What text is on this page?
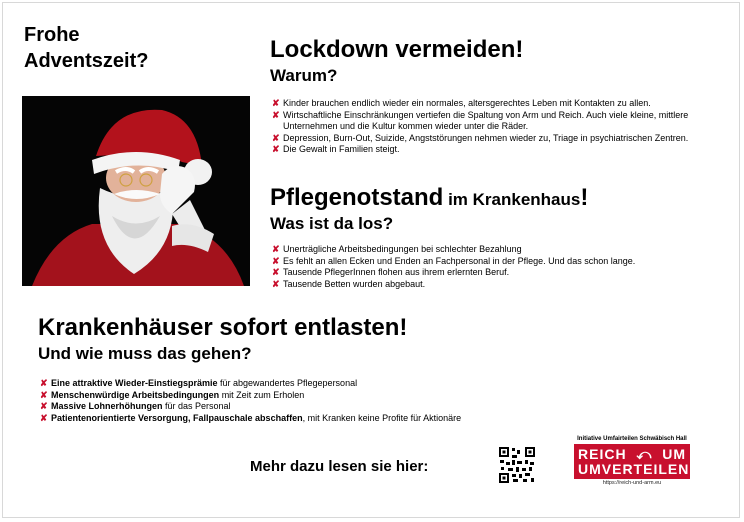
Frohe
Adventszeit?	Lockdown vermeiden!
Warum?
✘ Kinder brauchen endlich wieder ein normales, altersgerechtes Leben mit Kontakten zu allen.
✘ Wirtschaftliche Einschränkungen vertiefen die Spaltung von Arm und Reich. Auch viele kleine, mittlere Unternehmen und die Kultur kommen wieder unter die Räder.
✘ Depression, Burn-Out, Suizide, Angststörungen nehmen wieder zu, Triage in psychiatrischen Zentren.
✘ Die Gewalt in Familien steigt.
Pflegenotstand im Krankenhaus!
Was ist da los?
✘ Unerträgliche Arbeitsbedingungen bei schlechter Bezahlung
✘ Es fehlt an allen Ecken und Enden an Fachpersonal in der Pflege. Und das schon lange.
✘ Tausende PflegerInnen flohen aus ihrem erlernten Beruf.
✘ Tausende Betten wurden abgebaut.
Krankenhäuser sofort entlasten!
Und wie muss das gehen?
✘ Eine attraktive Wieder-Einstiegsprämie für abgewandertes Pflegepersonal
✘ Menschenwürdige Arbeitsbedingungen mit Zeit zum Erholen
✘ Massive Lohnerhöhungen für das Personal
✘ Patientenorientierte Versorgung, Fallpauschale abschaffen, mit Kranken keine Profite für Aktionäre
Mehr dazu lesen sie hier:
Initiative Umfairteilen Schwäbisch Hall
REICH ⤺ UM
UMVERTEILEN
https://reich-und-arm.eu
